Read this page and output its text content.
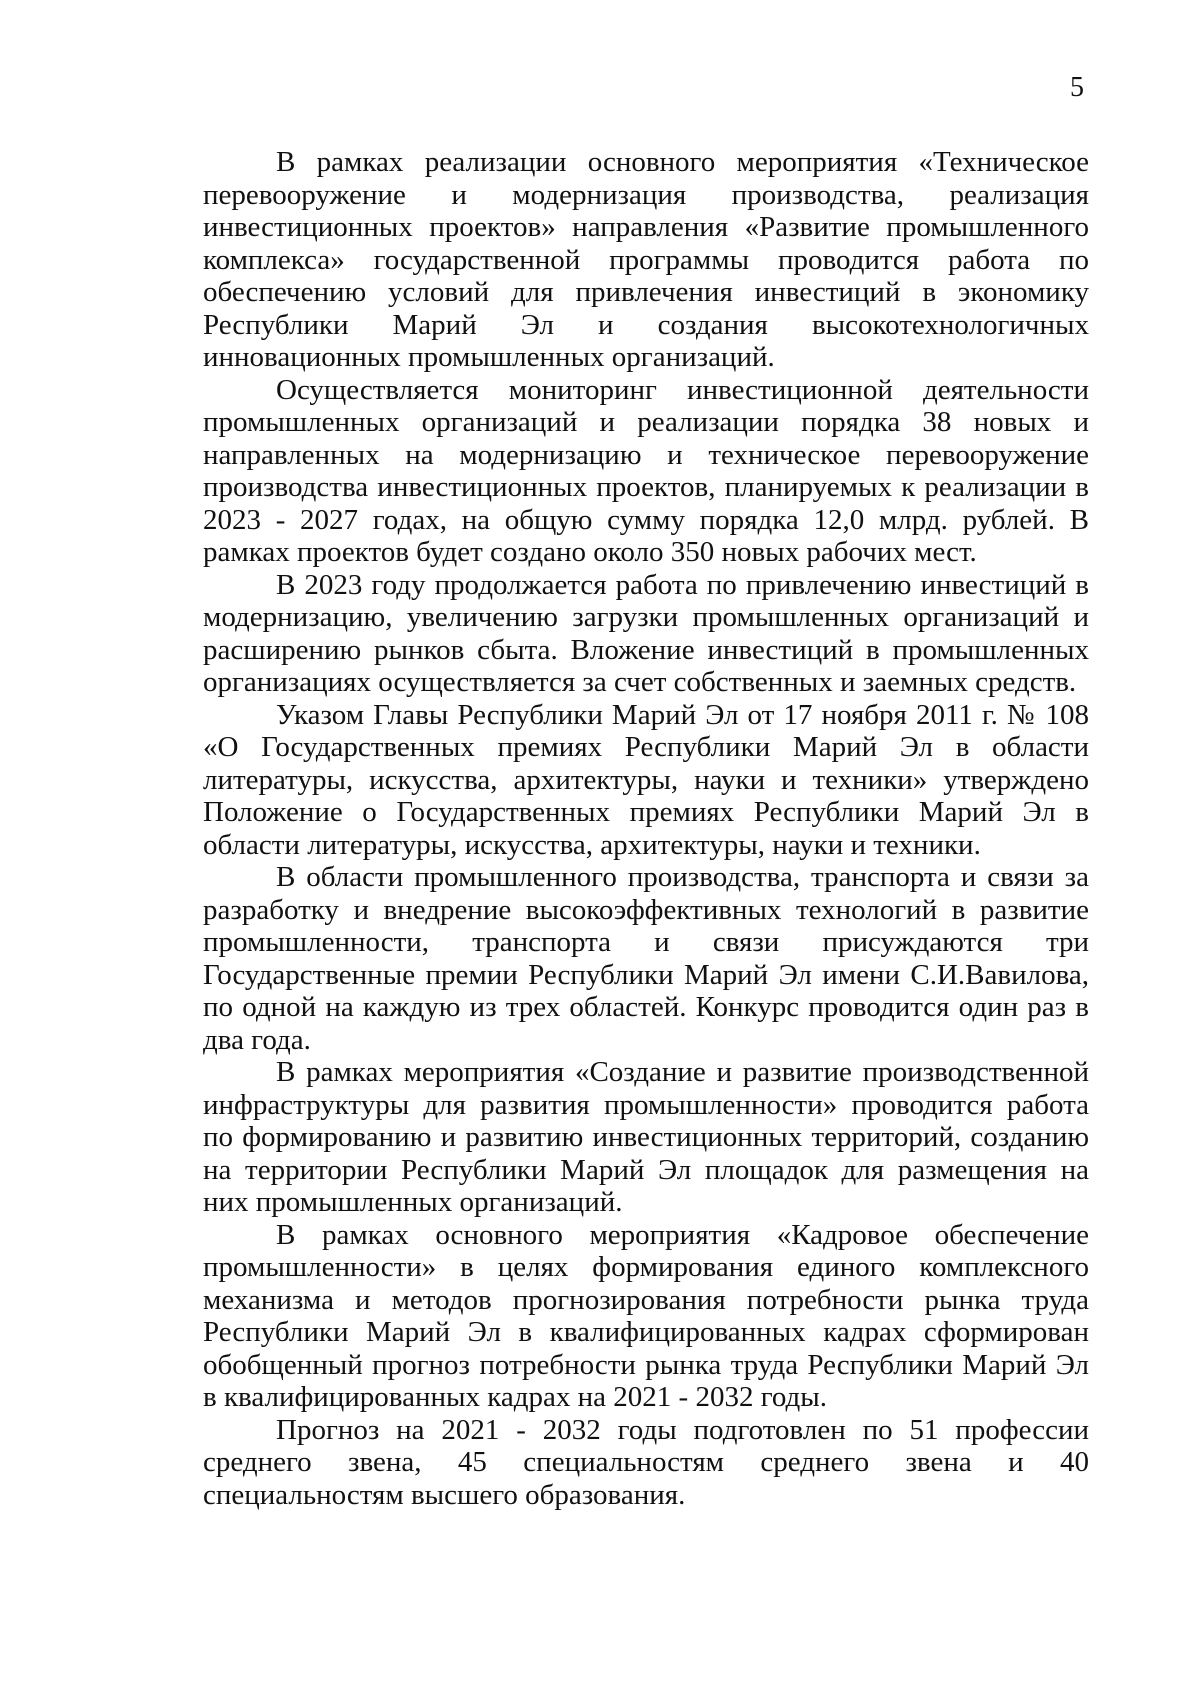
5

В рамках реализации основного мероприятия «Техническое перевооружение и модернизация производства, реализация инвестиционных проектов» направления «Развитие промышленного комплекса» государственной программы проводится работа по обеспечению условий для привлечения инвестиций в экономику Республики Марий Эл и создания высокотехнологичных инновационных промышленных организаций.

Осуществляется мониторинг инвестиционной деятельности промышленных организаций и реализации порядка 38 новых и направленных на модернизацию и техническое перевооружение производства инвестиционных проектов, планируемых к реализации в 2023 - 2027 годах, на общую сумму порядка 12,0 млрд. рублей. В рамках проектов будет создано около 350 новых рабочих мест.

В 2023 году продолжается работа по привлечению инвестиций в модернизацию, увеличению загрузки промышленных организаций и расширению рынков сбыта. Вложение инвестиций в промышленных организациях осуществляется за счет собственных и заемных средств.

Указом Главы Республики Марий Эл от 17 ноября 2011 г. № 108 «О Государственных премиях Республики Марий Эл в области литературы, искусства, архитектуры, науки и техники» утверждено Положение о Государственных премиях Республики Марий Эл в области литературы, искусства, архитектуры, науки и техники.

В области промышленного производства, транспорта и связи за разработку и внедрение высокоэффективных технологий в развитие промышленности, транспорта и связи присуждаются три Государственные премии Республики Марий Эл имени С.И.Вавилова, по одной на каждую из трех областей. Конкурс проводится один раз в два года.

В рамках мероприятия «Создание и развитие производственной инфраструктуры для развития промышленности» проводится работа по формированию и развитию инвестиционных территорий, созданию на территории Республики Марий Эл площадок для размещения на них промышленных организаций.

В рамках основного мероприятия «Кадровое обеспечение промышленности» в целях формирования единого комплексного механизма и методов прогнозирования потребности рынка труда Республики Марий Эл в квалифицированных кадрах сформирован обобщенный прогноз потребности рынка труда Республики Марий Эл в квалифицированных кадрах на 2021 - 2032 годы.

Прогноз на 2021 - 2032 годы подготовлен по 51 профессии среднего звена, 45 специальностям среднего звена и 40 специальностям высшего образования.
